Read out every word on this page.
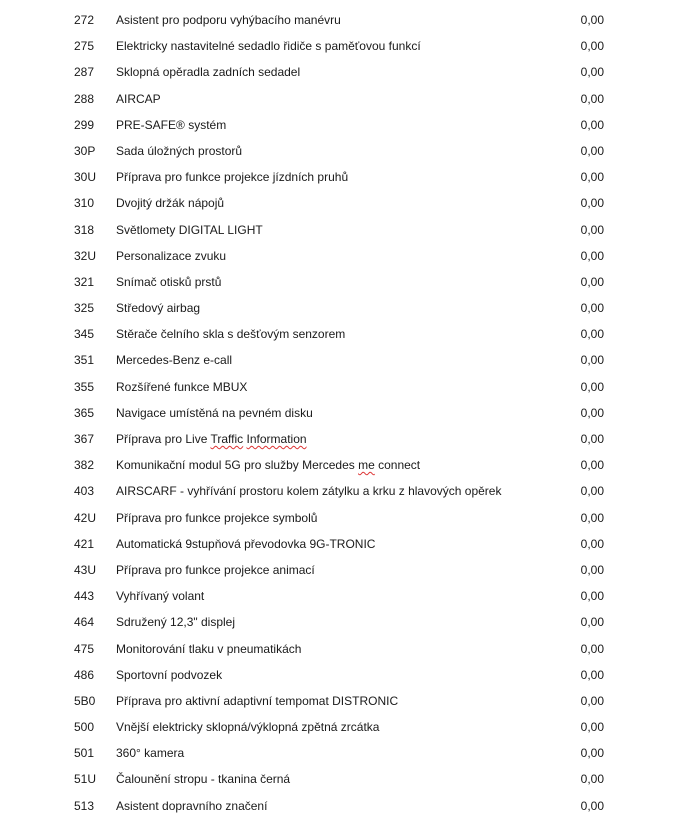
272	Asistent pro podporu vyhýbacího manévru	0,00
275	Elektricky nastavitelné sedadlo řidiče s paměťovou funkcí	0,00
287	Sklopná opěradla zadních sedadel	0,00
288	AIRCAP	0,00
299	PRE-SAFE® systém	0,00
30P	Sada úložných prostorů	0,00
30U	Příprava pro funkce projekce jízdních pruhů	0,00
310	Dvojitý držák nápojů	0,00
318	Světlomety DIGITAL LIGHT	0,00
32U	Personalizace zvuku	0,00
321	Snímač otisků prstů	0,00
325	Středový airbag	0,00
345	Stěrače čelního skla s dešťovým senzorem	0,00
351	Mercedes-Benz e-call	0,00
355	Rozšířené funkce MBUX	0,00
365	Navigace umístěná na pevném disku	0,00
367	Příprava pro Live Traffic Information	0,00
382	Komunikační modul 5G pro služby Mercedes me connect	0,00
403	AIRSCARF - vyhřívání prostoru kolem zátylku a krku z hlavových opěrek	0,00
42U	Příprava pro funkce projekce symbolů	0,00
421	Automatická 9stupňová převodovka 9G-TRONIC	0,00
43U	Příprava pro funkce projekce animací	0,00
443	Vyhřívaný volant	0,00
464	Sdružený 12,3" displej	0,00
475	Monitorování tlaku v pneumatikách	0,00
486	Sportovní podvozek	0,00
5B0	Příprava pro aktivní adaptivní tempomat DISTRONIC	0,00
500	Vnější elektricky sklopná/výklopná zpětná zrcátka	0,00
501	360° kamera	0,00
51U	Čalounění stropu - tkanina černá	0,00
513	Asistent dopravního značení	0,00
